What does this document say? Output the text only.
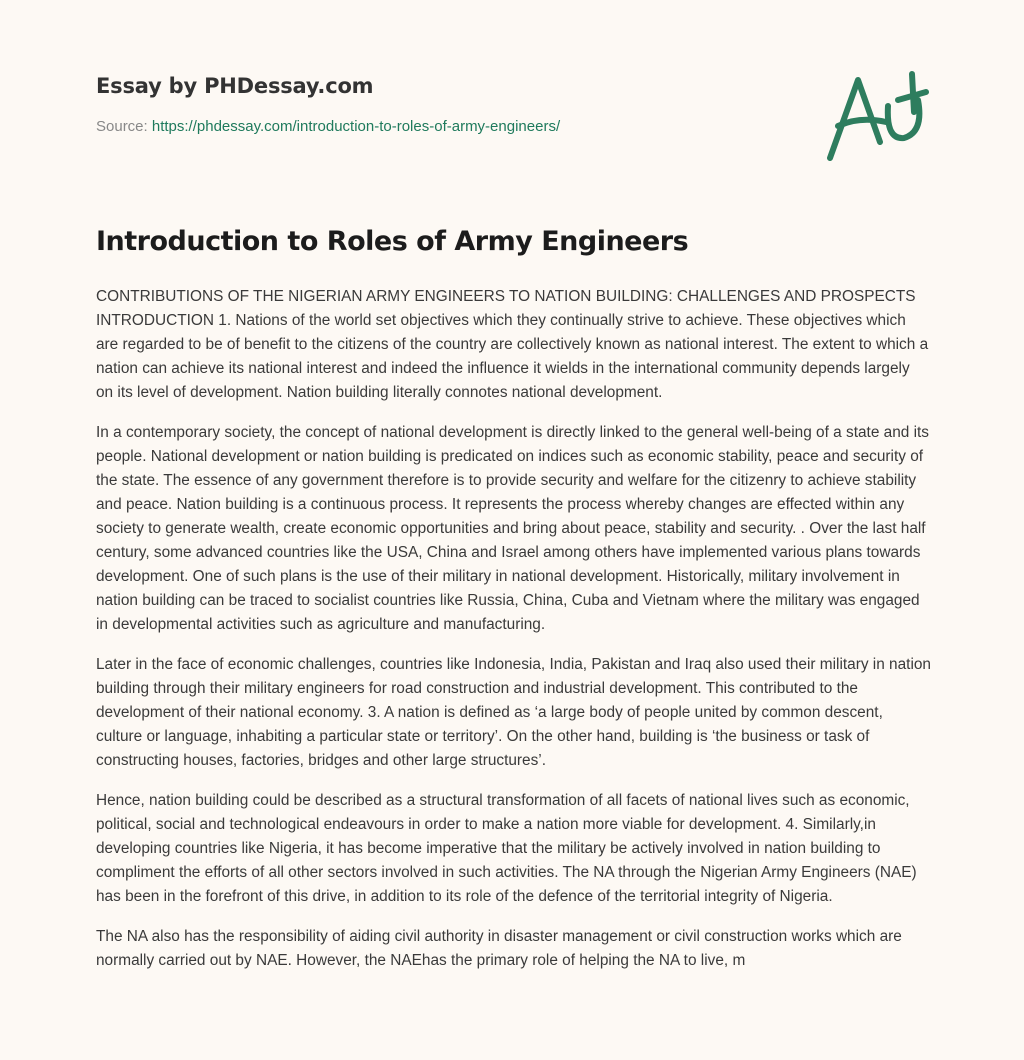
Essay by PHDessay.com
Source: https://phdessay.com/introduction-to-roles-of-army-engineers/
Introduction to Roles of Army Engineers

CONTRIBUTIONS OF THE NIGERIAN ARMY ENGINEERS TO NATION BUILDING: CHALLENGES AND PROSPECTS INTRODUCTION 1. Nations of the world set objectives which they continually strive to achieve. These objectives which are regarded to be of benefit to the citizens of the country are collectively known as national interest. The extent to which a nation can achieve its national interest and indeed the influence it wields in the international community depends largely on its level of development. Nation building literally connotes national development.

In a contemporary society, the concept of national development is directly linked to the general well-being of a state and its people. National development or nation building is predicated on indices such as economic stability, peace and security of the state. The essence of any government therefore is to provide security and welfare for the citizenry to achieve stability and peace. Nation building is a continuous process. It represents the process whereby changes are effected within any society to generate wealth, create economic opportunities and bring about peace, stability and security. . Over the last half century, some advanced countries like the USA, China and Israel among others have implemented various plans towards development. One of such plans is the use of their military in national development. Historically, military involvement in nation building can be traced to socialist countries like Russia, China, Cuba and Vietnam where the military was engaged in developmental activities such as agriculture and manufacturing.

Later in the face of economic challenges, countries like Indonesia, India, Pakistan and Iraq also used their military in nation building through their military engineers for road construction and industrial development. This contributed to the development of their national economy. 3. A nation is defined as ‘a large body of people united by common descent, culture or language, inhabiting a particular state or territory’. On the other hand, building is ‘the business or task of constructing houses, factories, bridges and other large structures’.

Hence, nation building could be described as a structural transformation of all facets of national lives such as economic, political, social and technological endeavours in order to make a nation more viable for development. 4. Similarly,in developing countries like Nigeria, it has become imperative that the military be actively involved in nation building to compliment the efforts of all other sectors involved in such activities. The NA through the Nigerian Army Engineers (NAE) has been in the forefront of this drive, in addition to its role of the defence of the territorial integrity of Nigeria.

The NA also has the responsibility of aiding civil authority in disaster management or civil construction works which are normally carried out by NAE. However, the NAEhas the primary role of helping the NA to live, m
